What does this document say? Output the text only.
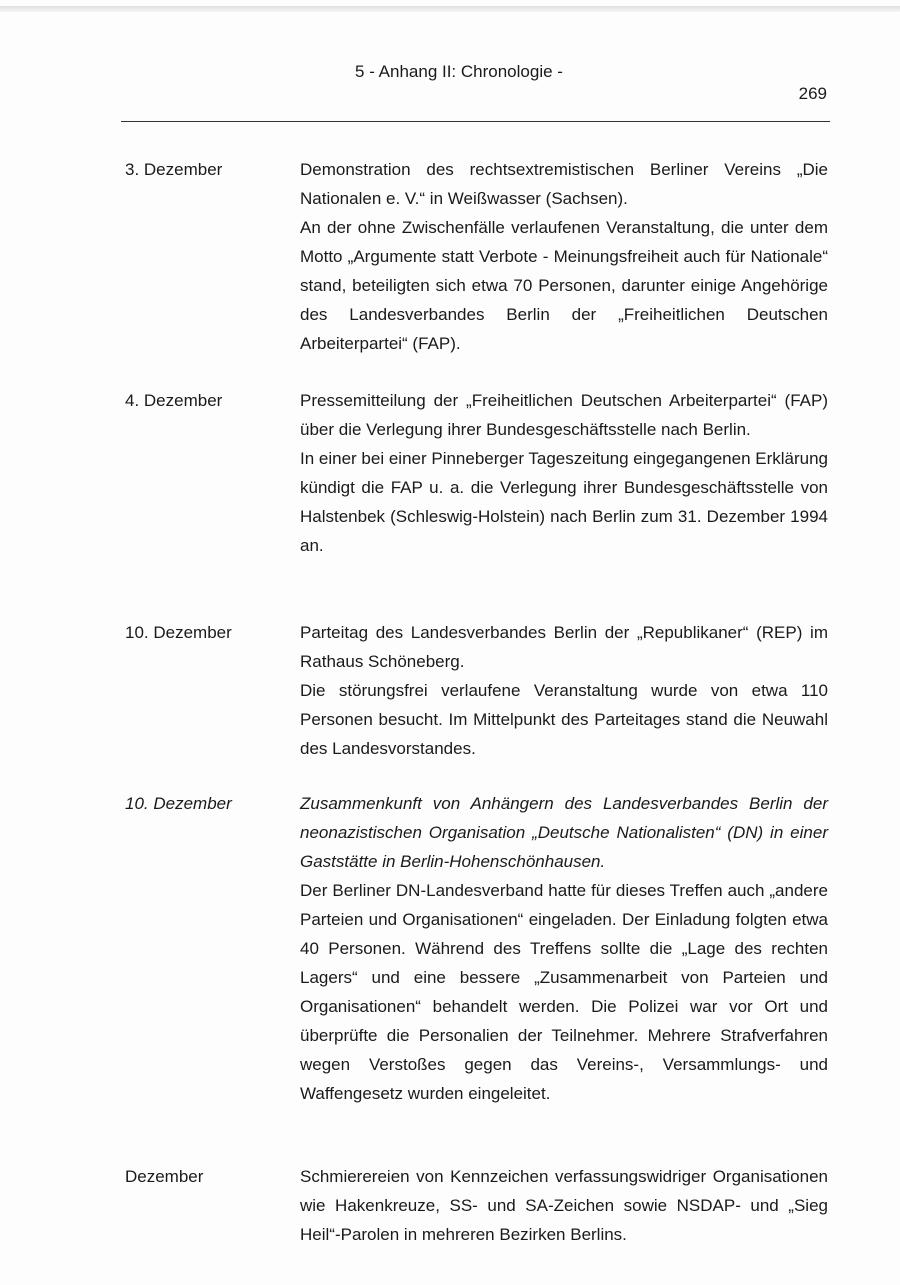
5 - Anhang II: Chronologie -
269
3. Dezember	Demonstration des rechtsextremistischen Berliner Vereins „Die Nationalen e. V.“ in Weißwasser (Sachsen).

An der ohne Zwischenfälle verlaufenen Veranstaltung, die unter dem Motto „Argumente statt Verbote - Meinungsfreiheit auch für Nationale“ stand, beteiligten sich etwa 70 Personen, darunter einige Angehörige des Landesverbandes Berlin der „Freiheitlichen Deutschen Arbeiterpartei“ (FAP).

4. Dezember	Pressemitteilung der „Freiheitlichen Deutschen Arbeiterpartei“ (FAP) über die Verlegung ihrer Bundesgeschäftsstelle nach Berlin.

In einer bei einer Pinneberger Tageszeitung eingegangenen Erklärung kündigt die FAP u. a. die Verlegung ihrer Bundesgeschäftsstelle von Halstenbek (Schleswig-Holstein) nach Berlin zum 31. Dezember 1994 an.

10. Dezember	Parteitag des Landesverbandes Berlin der „Republikaner“ (REP) im Rathaus Schöneberg.

Die störungsfrei verlaufene Veranstaltung wurde von etwa 110 Personen besucht. Im Mittelpunkt des Parteitages stand die Neuwahl des Landesvorstandes.

10. Dezember	Zusammenkunft von Anhängern des Landesverbandes Berlin der neonazistischen Organisation „Deutsche Nationalisten“ (DN) in einer Gaststätte in Berlin-Hohenschönhausen.

Der Berliner DN-Landesverband hatte für dieses Treffen auch „andere Parteien und Organisationen“ eingeladen. Der Einladung folgten etwa 40 Personen. Während des Treffens sollte die „Lage des rechten Lagers“ und eine bessere „Zusammenarbeit von Parteien und Organisationen“ behandelt werden. Die Polizei war vor Ort und überprüfte die Personalien der Teilnehmer. Mehrere Strafverfahren wegen Verstoßes gegen das Vereins-, Versammlungs- und Waffengesetz wurden eingeleitet.

Dezember	Schmierereien von Kennzeichen verfassungswidriger Organisationen wie Hakenkreuze, SS- und SA-Zeichen sowie NSDAP- und „Sieg Heil“-Parolen in mehreren Bezirken Berlins.
